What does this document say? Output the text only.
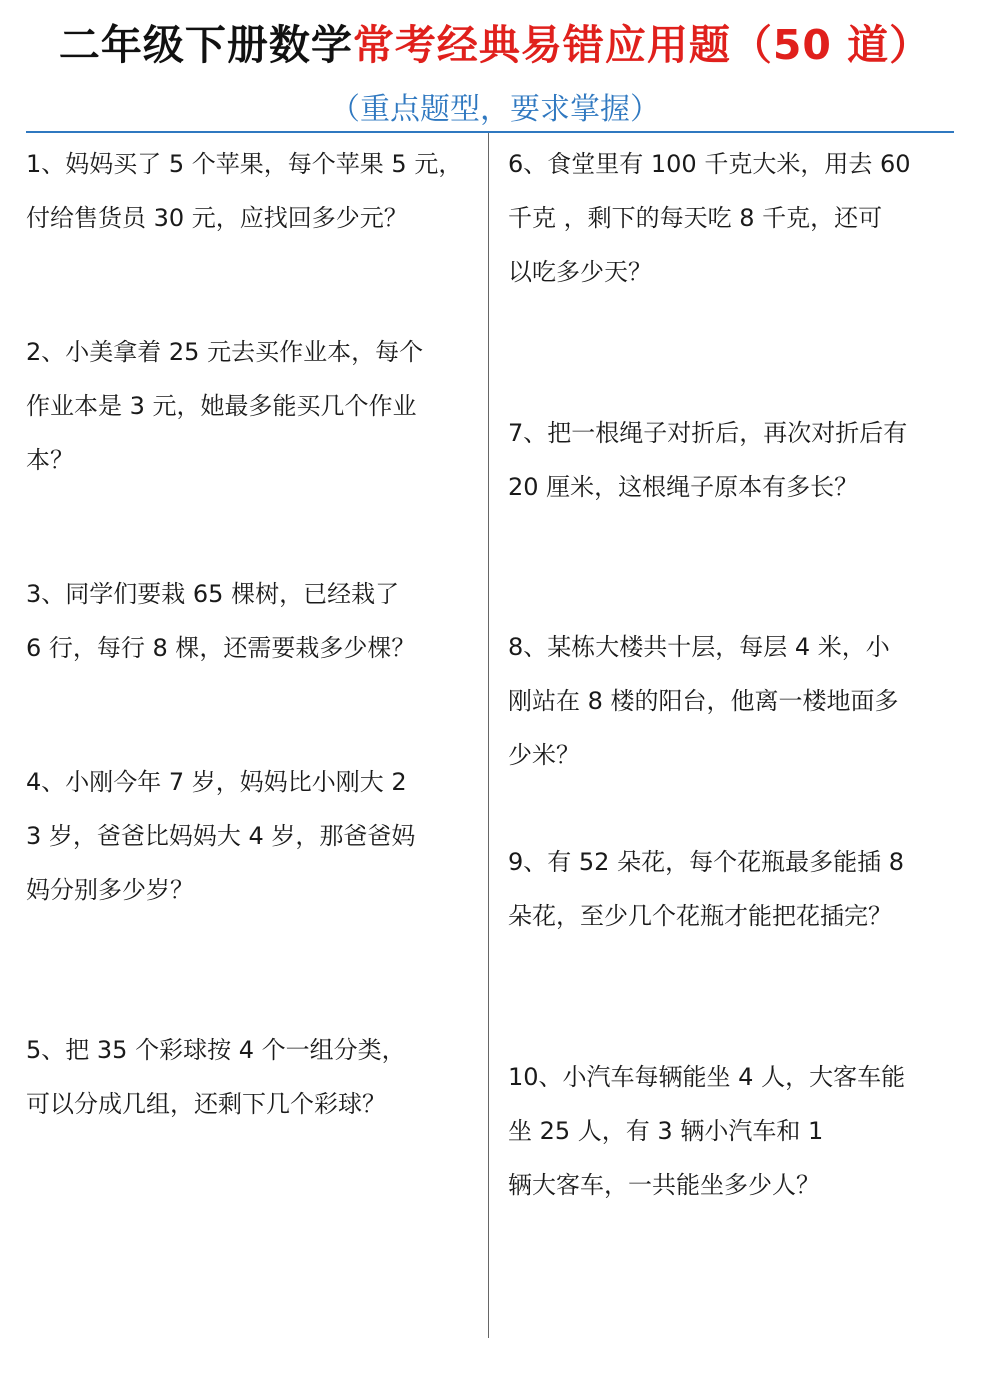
二年级下册数学常考经典易错应用题（50 道）
（重点题型，要求掌握）
1、妈妈买了 5 个苹果，每个苹果 5 元，
付给售货员 30 元，应找回多少元？
2、小美拿着 25 元去买作业本，每个
作业本是 3 元，她最多能买几个作业
本？
3、同学们要栽 65 棵树，已经栽了
6 行，每行 8 棵，还需要栽多少棵？
4、小刚今年 7 岁，妈妈比小刚大 2
3 岁，爸爸比妈妈大 4 岁，那爸爸妈
妈分别多少岁？
5、把 35 个彩球按 4 个一组分类，
可以分成几组，还剩下几个彩球？
6、食堂里有 100 千克大米，用去 60
千克 ，剩下的每天吃 8 千克，还可
以吃多少天？
7、把一根绳子对折后，再次对折后有
20 厘米，这根绳子原本有多长？
8、某栋大楼共十层，每层 4 米，小
刚站在 8 楼的阳台，他离一楼地面多
少米？
9、有 52 朵花，每个花瓶最多能插 8
朵花，至少几个花瓶才能把花插完？
10、小汽车每辆能坐 4 人，大客车能
坐 25 人，有 3 辆小汽车和 1
辆大客车，一共能坐多少人？
